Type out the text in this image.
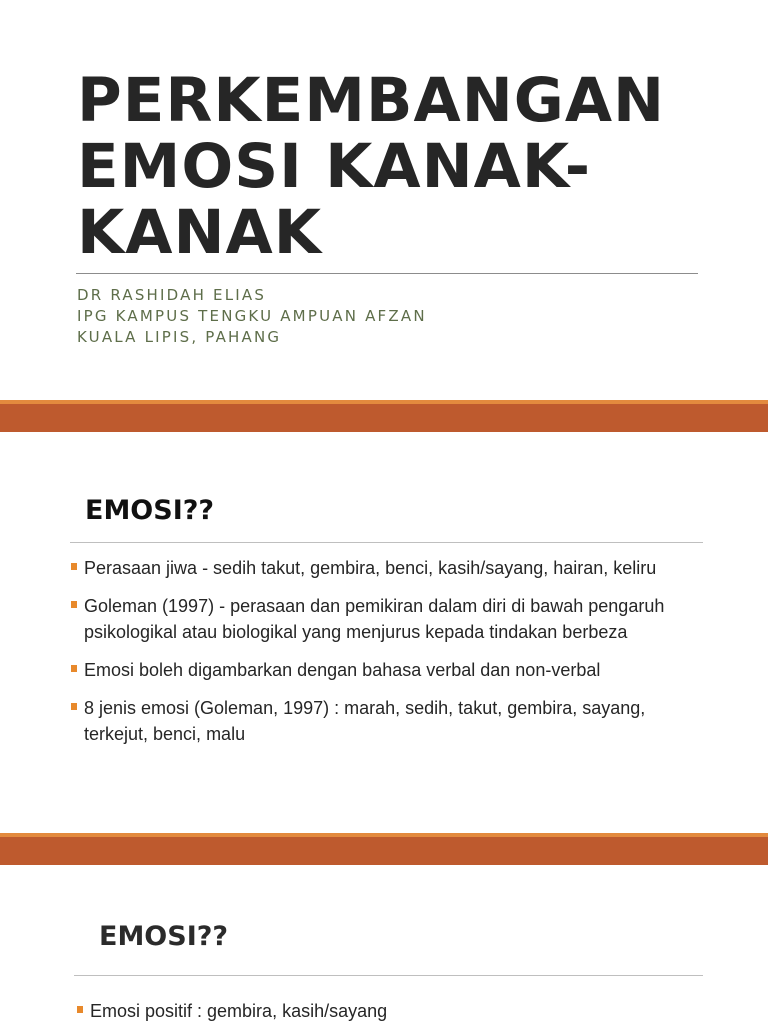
PERKEMBANGAN
EMOSI KANAK-
KANAK
DR RASHIDAH ELIAS
IPG KAMPUS TENGKU AMPUAN AFZAN
KUALA LIPIS, PAHANG
EMOSI??
Perasaan jiwa - sedih takut, gembira, benci, kasih/sayang, hairan, keliru
Goleman (1997) - perasaan dan pemikiran dalam diri di bawah pengaruh psikologikal atau biologikal yang menjurus kepada tindakan berbeza
Emosi boleh digambarkan dengan bahasa verbal dan non-verbal
8 jenis emosi (Goleman, 1997) : marah, sedih, takut, gembira, sayang, terkejut, benci, malu
EMOSI??
Emosi positif : gembira, kasih/sayang
